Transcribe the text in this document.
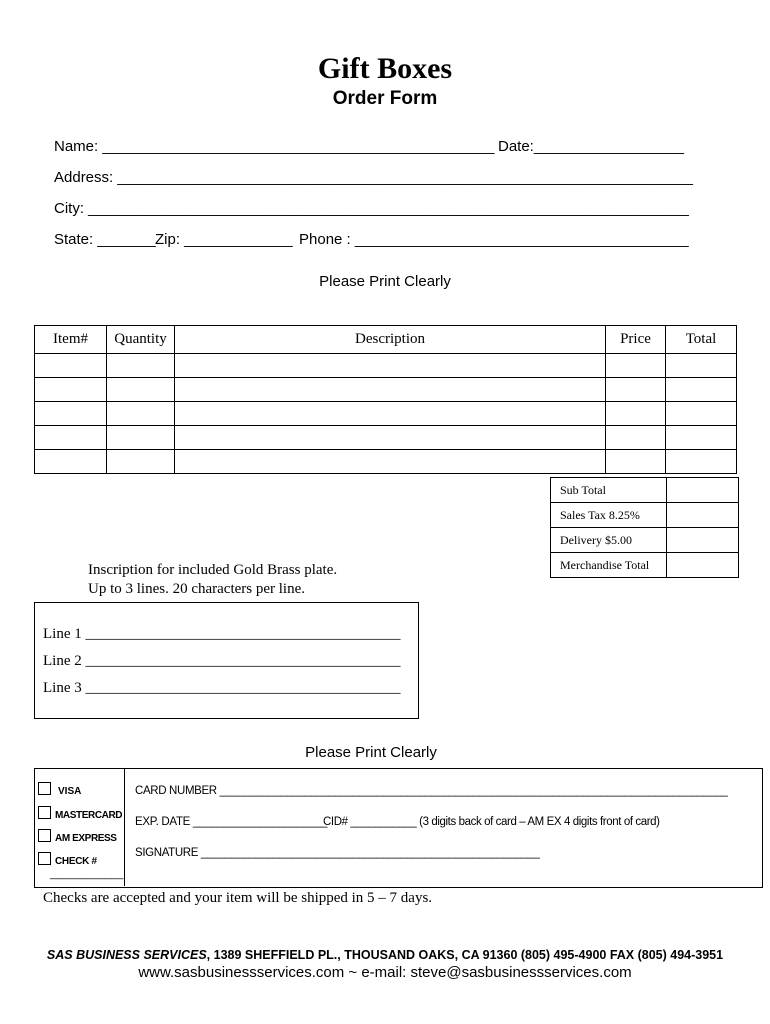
Gift Boxes
Order Form
Name: _______________________________________________ Date:__________________
Address: _____________________________________________________________________
City: ________________________________________________________________________
State: _______ Zip: _____________ Phone : ________________________________________
Please Print Clearly
Item#	Quantity	Description	Price	Total

Sub Total	
Sales Tax 8.25%	
Delivery $5.00	
Merchandise Total	
Inscription for included Gold Brass plate.
Up to 3 lines. 20 characters per line.
Line 1 __________________________________________
Line 2 __________________________________________
Line 3 __________________________________________
Please Print Clearly
VISA
MASTERCARD
AM EXPRESS
CHECK #
____________
CARD NUMBER ____________________________________________________________________________________
EXP. DATE ______________________
CID# ___________ (3 digits back of card – AM EX 4 digits front of card)
SIGNATURE ________________________________________________________
Checks are accepted and your item will be shipped in 5 – 7 days.
SAS BUSINESS SERVICES, 1389 SHEFFIELD PL., THOUSAND OAKS, CA 91360 (805) 495-4900 FAX (805) 494-3951
www.sasbusinessservices.com ~ e-mail: steve@sasbusinessservices.com
